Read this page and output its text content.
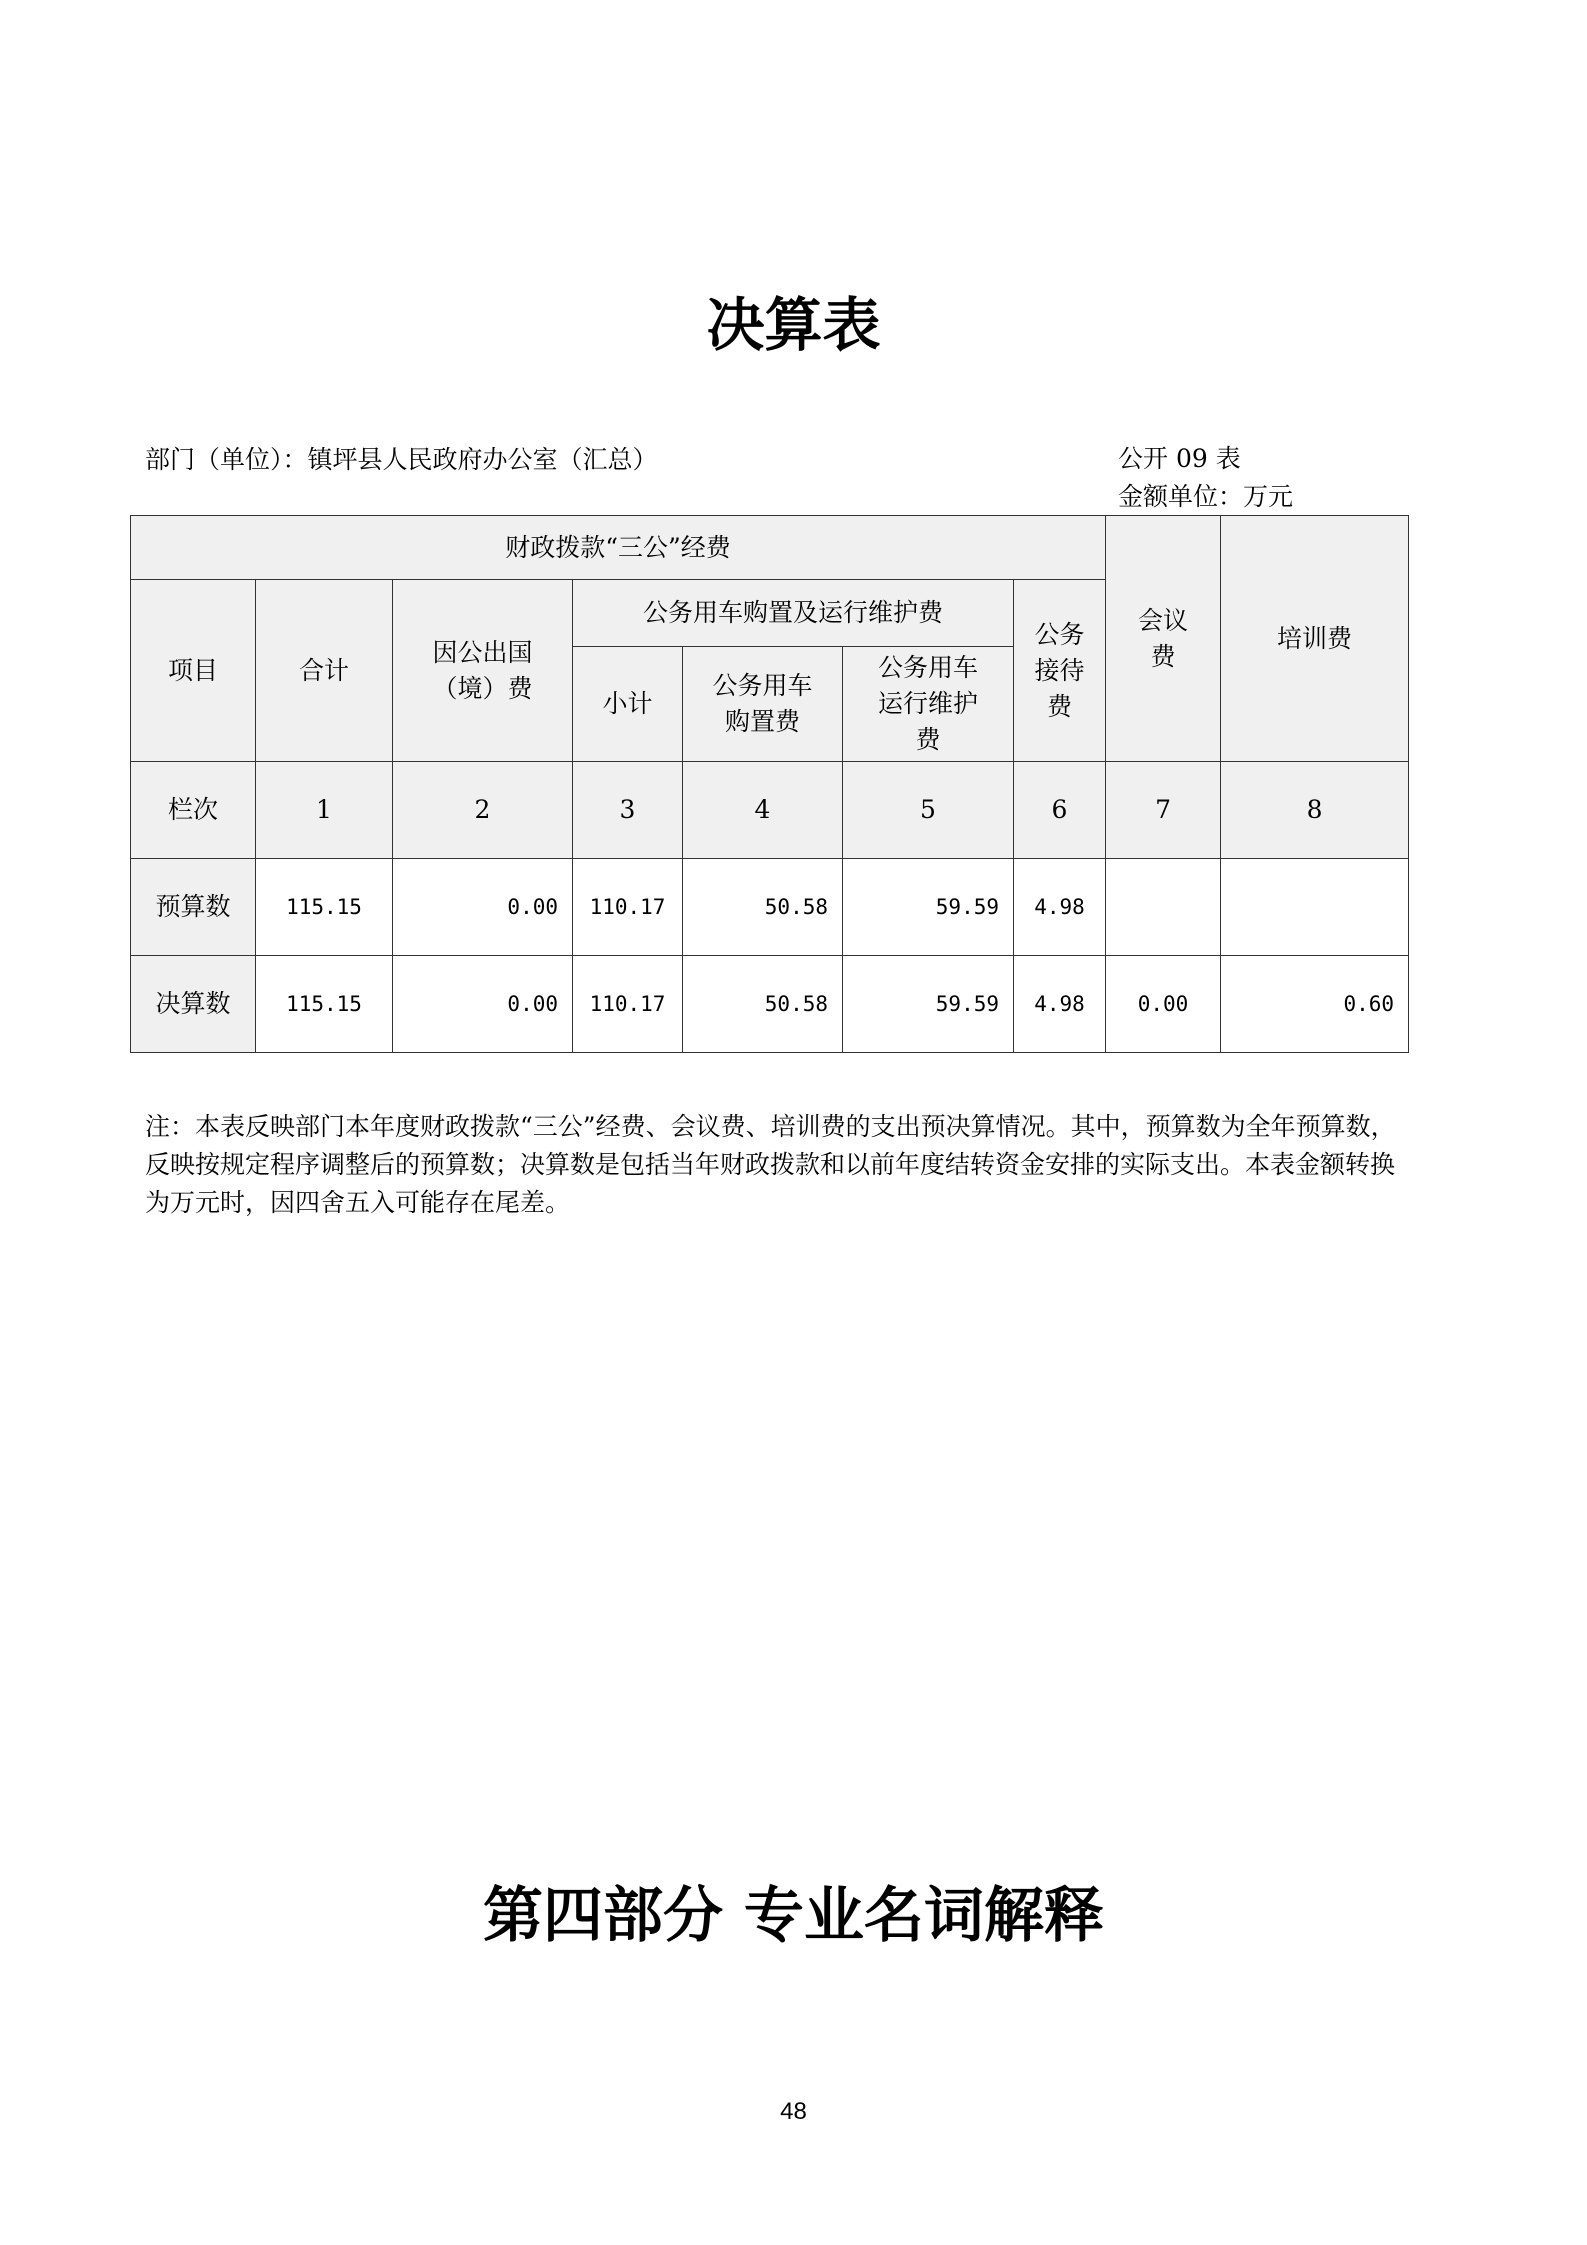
决算表
部门（单位）：镇坪县人民政府办公室（汇总）	公开 09 表
金额单位：万元
财政拨款“三公”经费							会议费	培训费
项目	合计	因公出国（境）费	公务用车购置及运行维护费			公务接待费		

			小计	公务用车购置费	公务用车运行维护费			

栏次	1	2	3	4	5	6	7	8
预算数	115.15	0.00	110.17	50.58	59.59	4.98		
决算数	115.15	0.00	110.17	50.58	59.59	4.98	0.00	0.60
注：本表反映部门本年度财政拨款“三公”经费、会议费、培训费的支出预决算情况。其中，预算数为全年预算数，反映按规定程序调整后的预算数；决算数是包括当年财政拨款和以前年度结转资金安排的实际支出。本表金额转换为万元时，因四舍五入可能存在尾差。
第四部分 专业名词解释
48
